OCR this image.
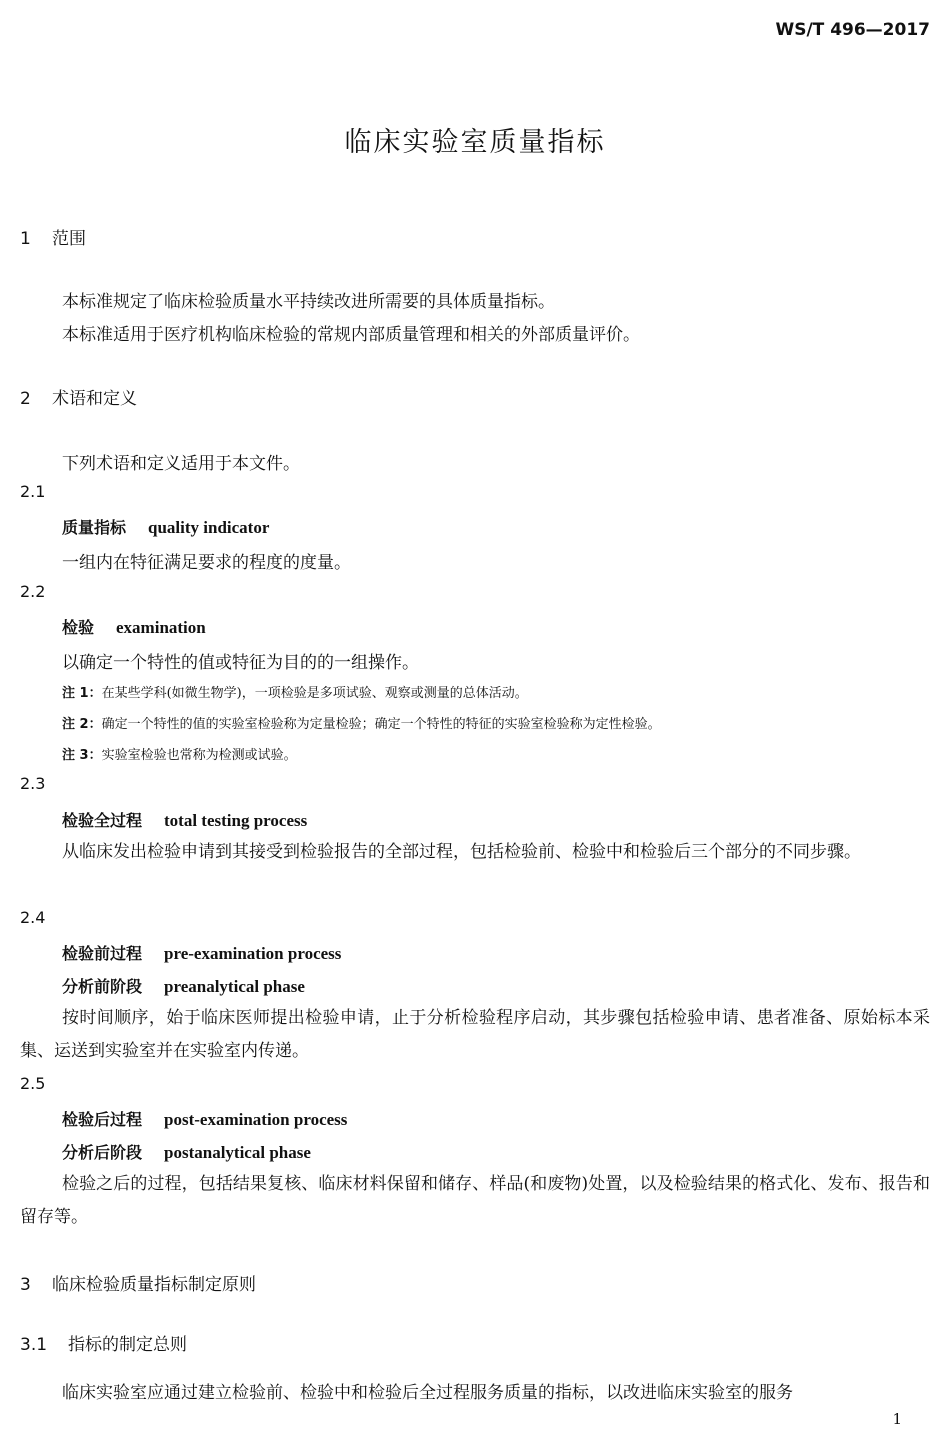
WS/T 496—2017
临床实验室质量指标
1 范围
本标准规定了临床检验质量水平持续改进所需要的具体质量指标。
本标准适用于医疗机构临床检验的常规内部质量管理和相关的外部质量评价。
2 术语和定义
下列术语和定义适用于本文件。
2.1
质量指标 quality indicator
一组内在特征满足要求的程度的度量。
2.2
检验 examination
以确定一个特性的值或特征为目的的一组操作。
注 1：在某些学科(如微生物学)，一项检验是多项试验、观察或测量的总体活动。
注 2：确定一个特性的值的实验室检验称为定量检验；确定一个特性的特征的实验室检验称为定性检验。
注 3：实验室检验也常称为检测或试验。
2.3
检验全过程 total testing process
从临床发出检验申请到其接受到检验报告的全部过程，包括检验前、检验中和检验后三个部分的不同步骤。
2.4
检验前过程 pre-examination process
分析前阶段 preanalytical phase
按时间顺序，始于临床医师提出检验申请，止于分析检验程序启动，其步骤包括检验申请、患者准备、原始标本采集、运送到实验室并在实验室内传递。
2.5
检验后过程 post-examination process
分析后阶段 postanalytical phase
检验之后的过程，包括结果复核、临床材料保留和储存、样品(和废物)处置，以及检验结果的格式化、发布、报告和留存等。
3 临床检验质量指标制定原则
3.1 指标的制定总则
临床实验室应通过建立检验前、检验中和检验后全过程服务质量的指标，以改进临床实验室的服务
1
